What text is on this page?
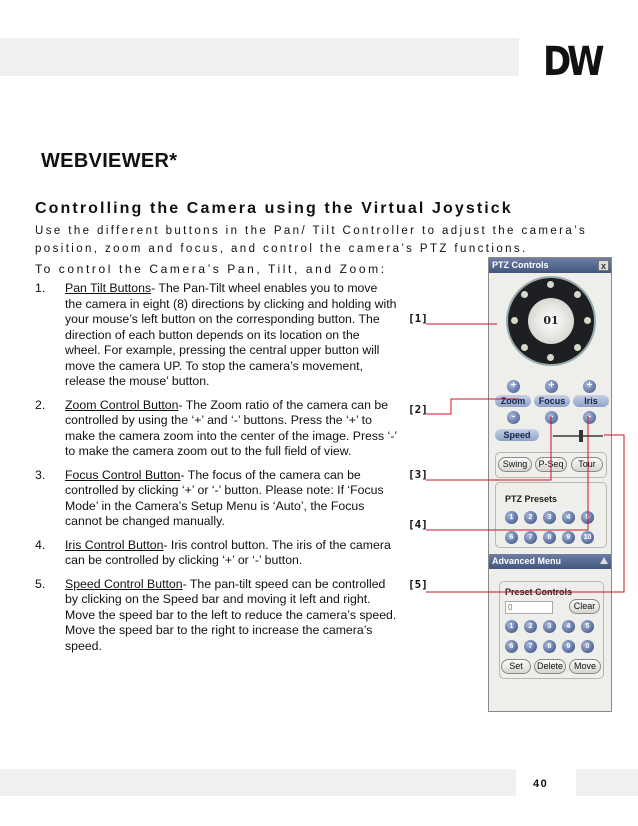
DW
WEBVIEWER*
Controlling the Camera using the Virtual Joystick
Use the different buttons in the Pan/ Tilt Controller to adjust the camera’s position, zoom and focus, and control the camera’s PTZ functions.
To control the Camera’s Pan, Tilt, and Zoom:
1. Pan Tilt Buttons- The Pan-Tilt wheel enables you to move the camera in eight (8) directions by clicking and holding with your mouse’s left button on the corresponding button. The direction of each button depends on its location on the wheel. For example, pressing the central upper button will move the camera UP. To stop the camera’s movement, release the mouse’ button.
2. Zoom Control Button- The Zoom ratio of the camera can be controlled by using the ‘+’ and ‘-’ buttons. Press the ‘+’ to make the camera zoom into the center of the image. Press ‘-’ to make the camera zoom out to the full field of view.
3. Focus Control Button- The focus of the camera can be controlled by clicking ‘+’ or ‘-’ button. Please note: If ‘Focus Mode’ in the Camera’s Setup Menu is ‘Auto’, the Focus cannot be changed manually.
4. Iris Control Button- Iris control button. The iris of the camera can be controlled by clicking ‘+’ or ‘-’ button.
5. Speed Control Button- The pan-tilt speed can be controlled by clicking on the Speed bar and moving it left and right. Move the speed bar to the left to reduce the camera’s speed. Move the speed bar to the right to increase the camera’s speed.
[1]
[2]
[3]
[4]
[5]
PTZ Controls	x
01
+	+	+
Zoom	Focus	Iris
-	-	-
Speed
Swing	P-Seq	Tour
PTZ Presets
1	2	3	4	5
6	7	8	9	10
Advanced Menu
Preset Controls
0
Clear
1	2	3	4	5
6	7	8	9	0
Set	Delete	Move
40
